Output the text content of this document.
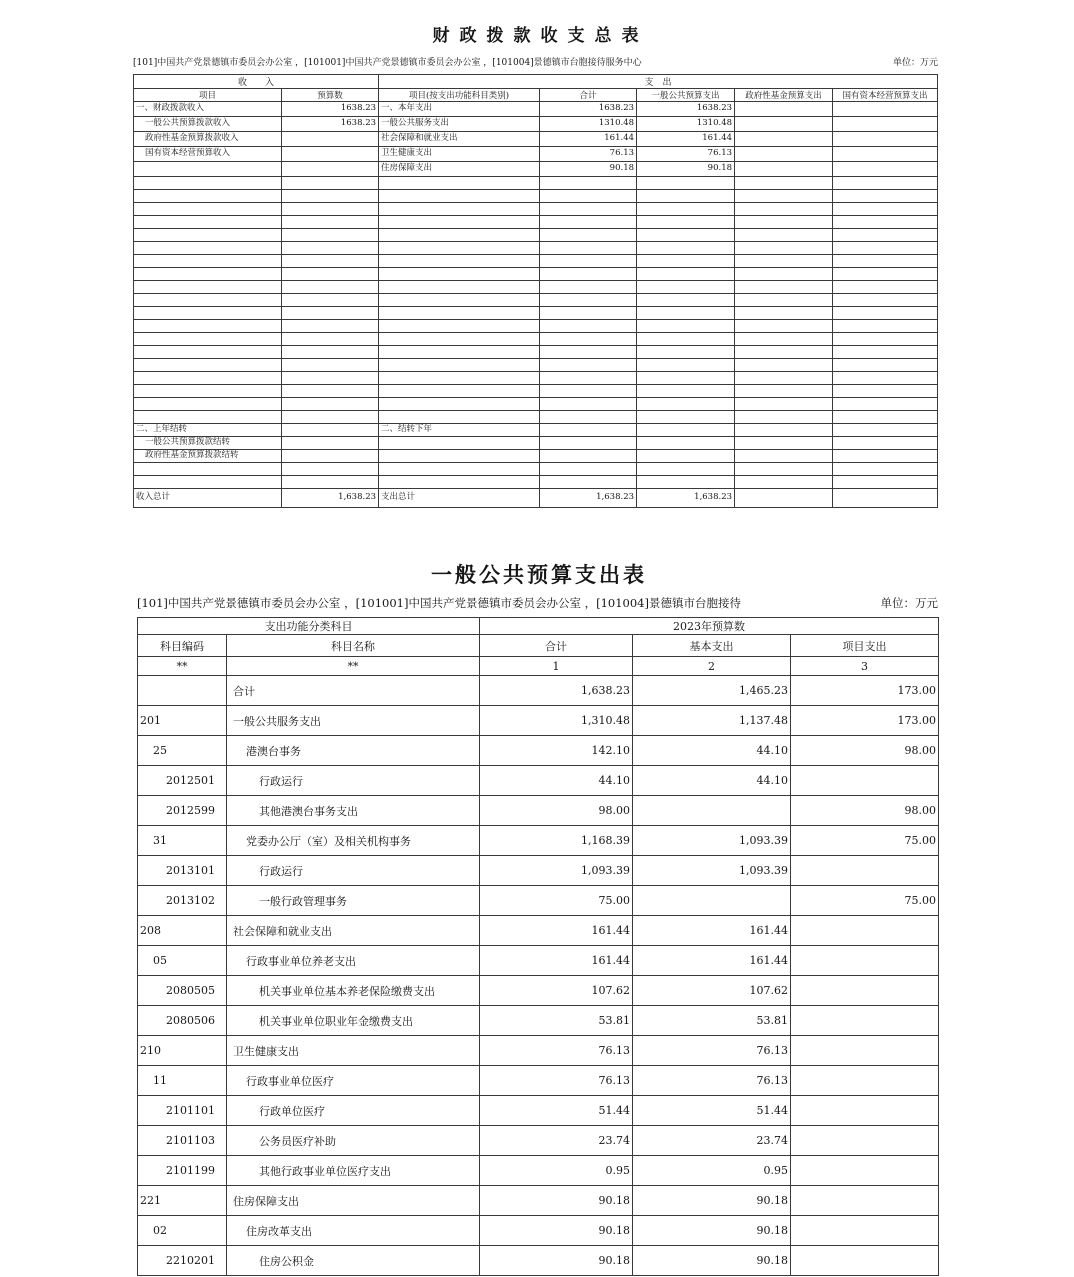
财政拨款收支总表
[101]中国共产党景德镇市委员会办公室 ，[101001]中国共产党景德镇市委员会办公室 ，[101004]景德镇市台胞接待服务中心	单位：万元
收　　入		支　出				
项目	预算数	项目(按支出功能科目类别)	合计	一般公共预算支出	政府性基金预算支出	国有资本经营预算支出
一、财政拨款收入	1638.23	一、本年支出	1638.23	1638.23		
一般公共预算拨款收入	1638.23	一般公共服务支出	1310.48	1310.48		
政府性基金预算拨款收入		社会保障和就业支出	161.44	161.44		
国有资本经营预算收入		卫生健康支出	76.13	76.13		
		住房保障支出	90.18	90.18		

二、上年结转		二、结转下年				
一般公共预算拨款结转						
政府性基金预算拨款结转						

收入总计	1,638.23	支出总计	1,638.23	1,638.23		
一般公共预算支出表
[101]中国共产党景德镇市委员会办公室 ，[101001]中国共产党景德镇市委员会办公室 ，[101004]景德镇市台胞接待	单位：万元
支出功能分类科目		2023年预算数		
科目编码	科目名称	合计	基本支出	项目支出
**	**	1	2	3
	合计	1,638.23	1,465.23	173.00
201	一般公共服务支出	1,310.48	1,137.48	173.00
25	港澳台事务	142.10	44.10	98.00
2012501	行政运行	44.10	44.10	
2012599	其他港澳台事务支出	98.00		98.00
31	党委办公厅（室）及相关机构事务	1,168.39	1,093.39	75.00
2013101	行政运行	1,093.39	1,093.39	
2013102	一般行政管理事务	75.00		75.00
208	社会保障和就业支出	161.44	161.44	
05	行政事业单位养老支出	161.44	161.44	
2080505	机关事业单位基本养老保险缴费支出	107.62	107.62	
2080506	机关事业单位职业年金缴费支出	53.81	53.81	
210	卫生健康支出	76.13	76.13	
11	行政事业单位医疗	76.13	76.13	
2101101	行政单位医疗	51.44	51.44	
2101103	公务员医疗补助	23.74	23.74	
2101199	其他行政事业单位医疗支出	0.95	0.95	
221	住房保障支出	90.18	90.18	
02	住房改革支出	90.18	90.18	
2210201	住房公积金	90.18	90.18	
